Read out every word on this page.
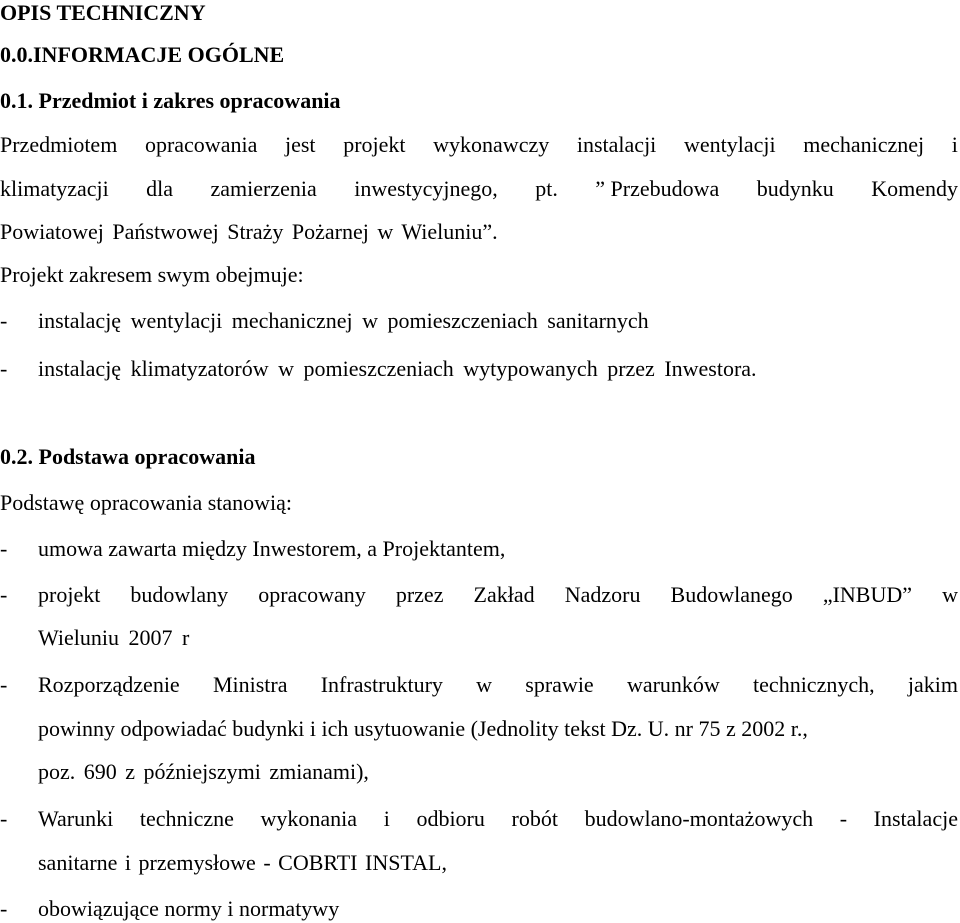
OPIS TECHNICZNY
0.0.INFORMACJE OGÓLNE
0.1. Przedmiot i zakres opracowania
Przedmiotem opracowania jest projekt wykonawczy instalacji wentylacji mechanicznej i
klimatyzacji dla zamierzenia inwestycyjnego, pt. ” Przebudowa budynku Komendy
Powiatowej Państwowej Straży Pożarnej w Wieluniu”.
Projekt zakresem swym obejmuje:
- instalację wentylacji mechanicznej w pomieszczeniach sanitarnych
- instalację klimatyzatorów w pomieszczeniach wytypowanych przez Inwestora.
0.2. Podstawa opracowania
Podstawę opracowania stanowią:
- umowa zawarta między Inwestorem, a Projektantem,
- projekt budowlany opracowany przez Zakład Nadzoru Budowlanego „INBUD” w
Wieluniu 2007 r
- Rozporządzenie Ministra Infrastruktury w sprawie warunków technicznych, jakim
powinny odpowiadać budynki i ich usytuowanie (Jednolity tekst Dz. U. nr 75 z 2002 r.,
poz. 690 z późniejszymi zmianami),
- Warunki techniczne wykonania i odbioru robót budowlano-montażowych - Instalacje
sanitarne i przemysłowe - COBRTI INSTAL,
- obowiązujące normy i normatywy
